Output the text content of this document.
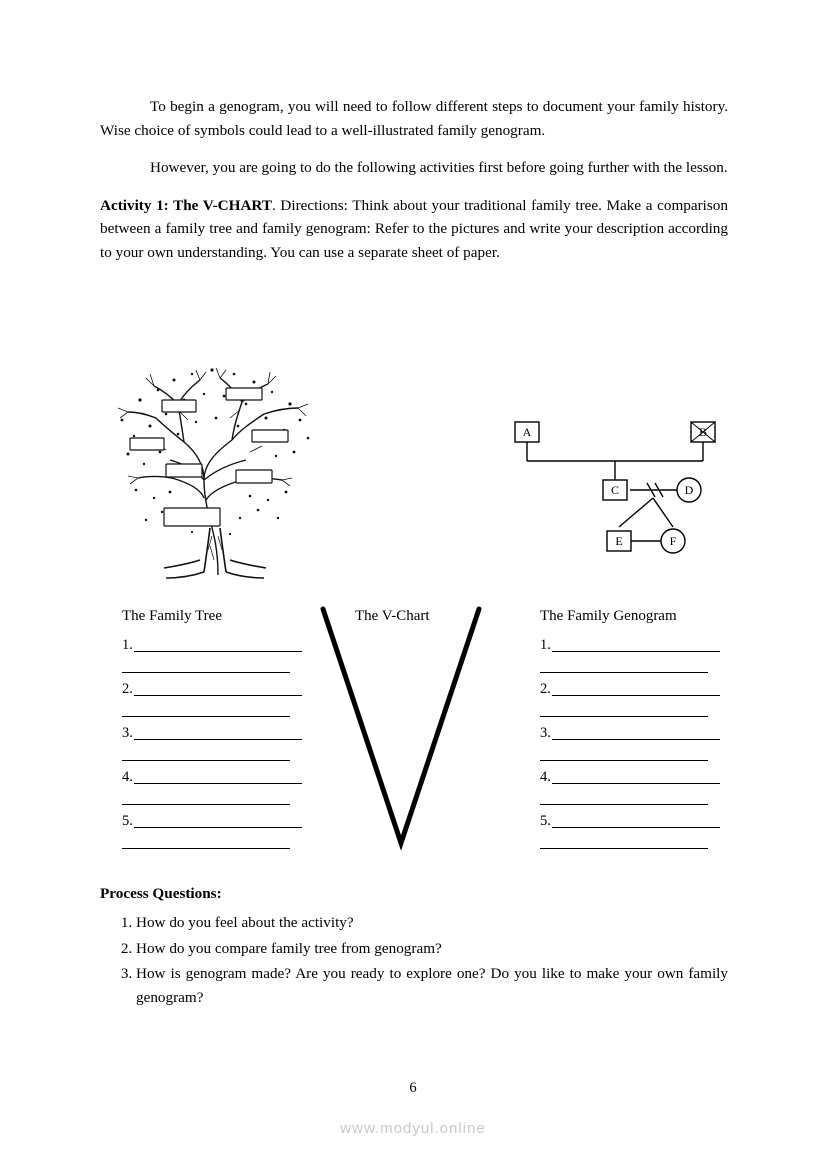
To begin a genogram, you will need to follow different steps to document your family history. Wise choice of symbols could lead to a well-illustrated family genogram.

However, you are going to do the following activities first before going further with the lesson.

Activity 1: The V-CHART. Directions: Think about your traditional family tree. Make a comparison between a family tree and family genogram: Refer to the pictures and write your description according to your own understanding. You can use a separate sheet of paper.

A	B
C	D
E	F
The Family Tree	The V-Chart	The Family Genogram
1.
2.
3.
4.
5.
1.
2.
3.
4.
5.
Process Questions:
1. How do you feel about the activity?
2. How do you compare family tree from genogram?
3. How is genogram made? Are you ready to explore one? Do you like to make your own family genogram?
6
www.modyul.online
